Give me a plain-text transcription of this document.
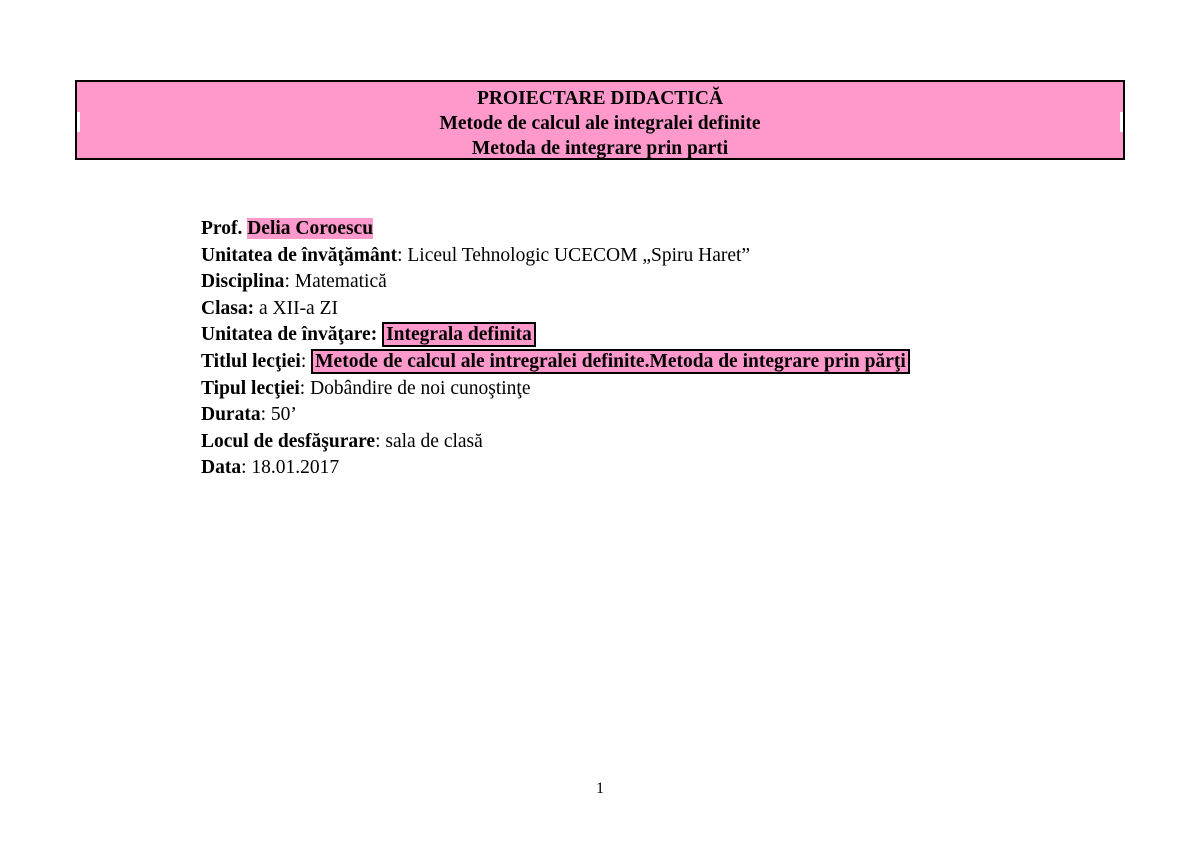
PROIECTARE DIDACTICĂ
Metode de calcul ale integralei definite
Metoda de integrare prin parti
Prof. Delia Coroescu
Unitatea de învăţământ: Liceul Tehnologic UCECOM „Spiru Haret”
Disciplina: Matematică
Clasa: a XII-a ZI
Unitatea de învăţare: Integrala definita
Titlul lecţiei: Metode de calcul ale intregralei definite.Metoda de integrare prin părţi
Tipul lecţiei: Dobândire de noi cunoştinţe
Durata: 50’
Locul de desfăşurare: sala de clasă
Data: 18.01.2017
1
